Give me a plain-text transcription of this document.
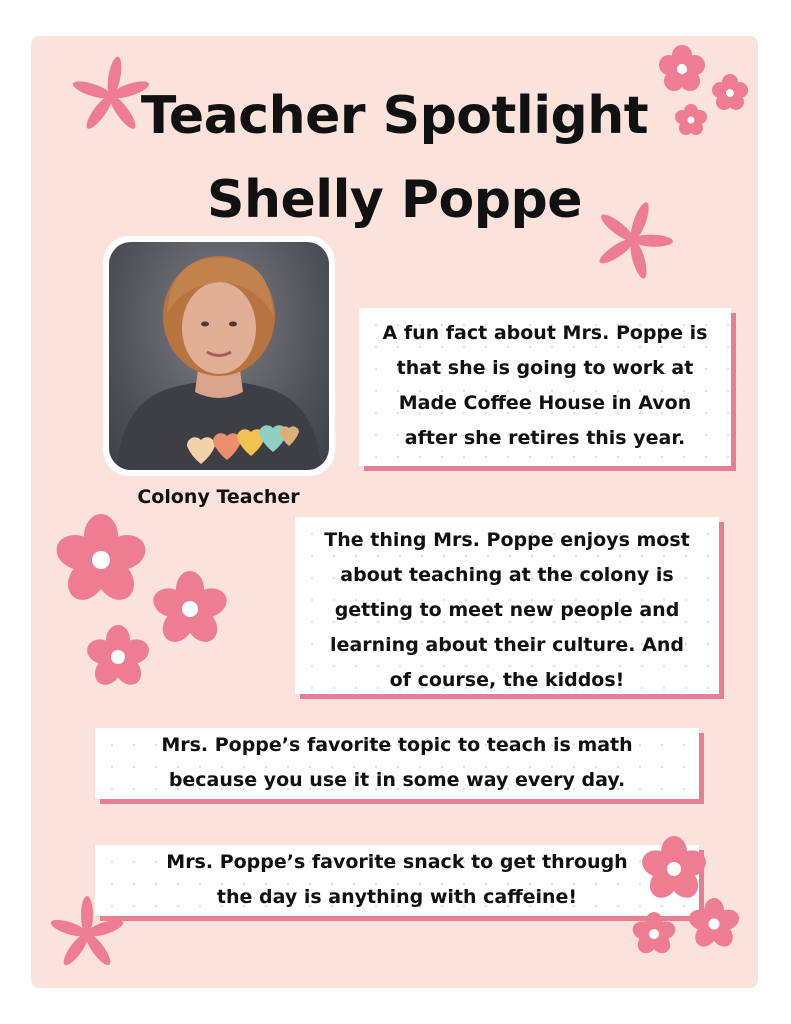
Teacher Spotlight
Shelly Poppe
Colony Teacher
A fun fact about Mrs. Poppe is
that she is going to work at
Made Coffee House in Avon
after she retires this year.
The thing Mrs. Poppe enjoys most
about teaching at the colony is
getting to meet new people and
learning about their culture. And
of course, the kiddos!
Mrs. Poppe’s favorite topic to teach is math
because you use it in some way every day.
Mrs. Poppe’s favorite snack to get through
the day is anything with caffeine!
